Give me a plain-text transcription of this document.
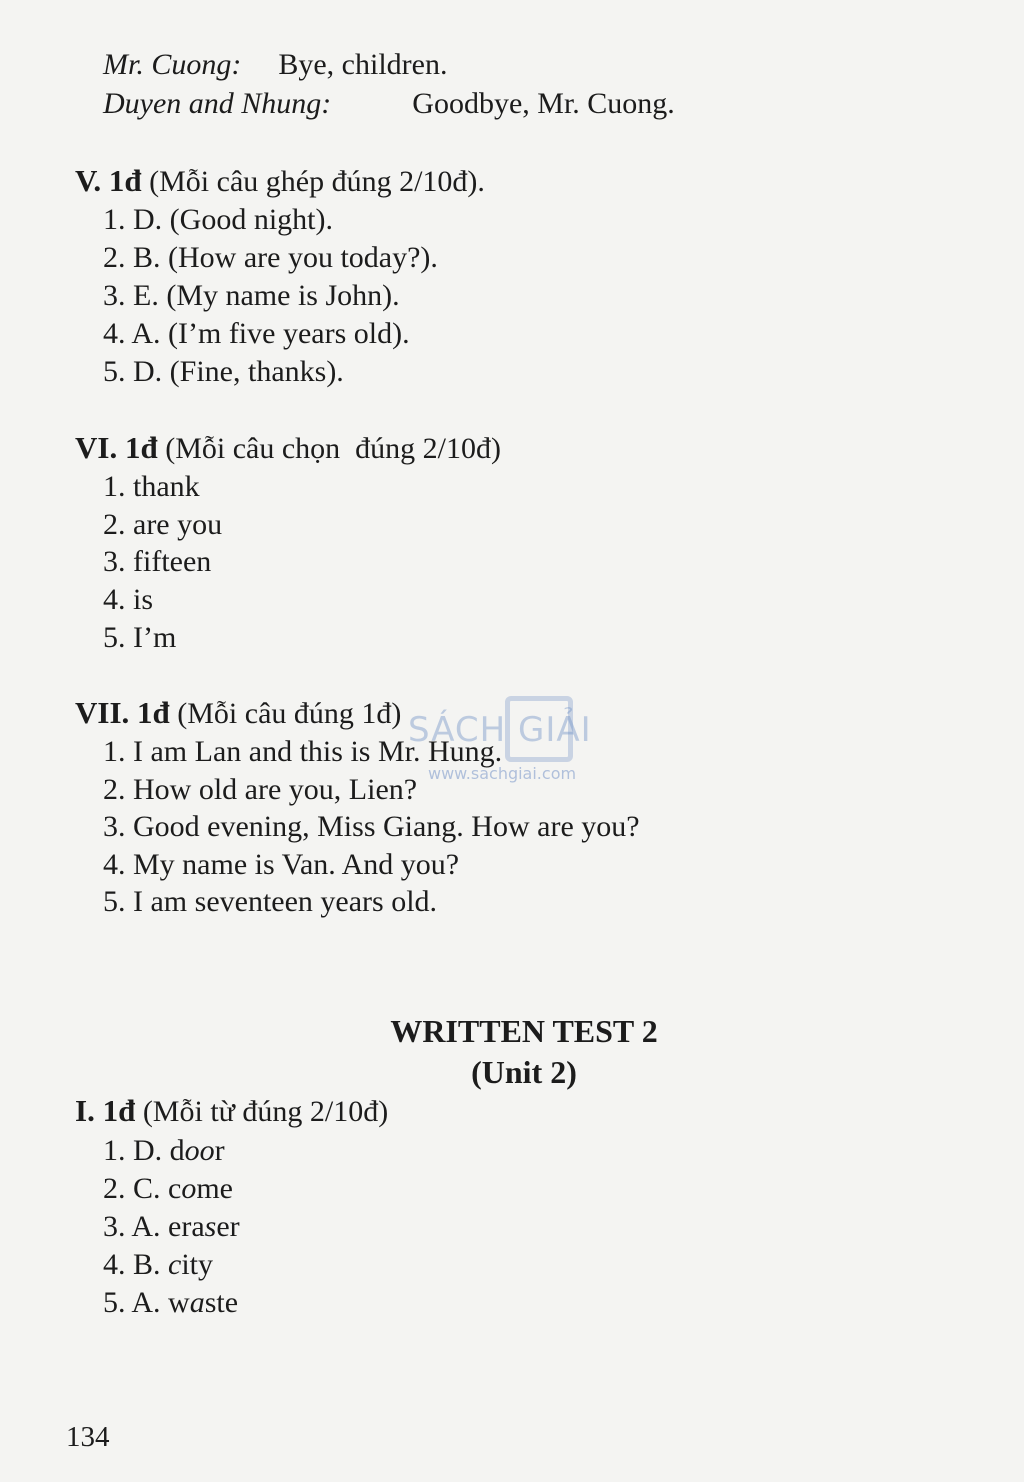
Mr. Cuong: Bye, children.
Duyen and Nhung:	Goodbye, Mr. Cuong.
V. 1đ (Mỗi câu ghép đúng 2/10đ).
1. D. (Good night).
2. B. (How are you today?).
3. E. (My name is John).
4. A. (I’m five years old).
5. D. (Fine, thanks).
VI. 1đ (Mỗi câu chọn  đúng 2/10đ)
1. thank
2. are you
3. fifteen
4. is
5. I’m
VII. 1đ (Mỗi câu đúng 1đ)
1. I am Lan and this is Mr. Hung.
2. How old are you, Lien?
3. Good evening, Miss Giang. How are you?
4. My name is Van. And you?
5. I am seventeen years old.
SÁCH GIẢI
www.sachgiai.com
WRITTEN TEST 2
(Unit 2)
I. 1đ (Mỗi từ đúng 2/10đ)
1. D. door
2. C. come
3. A. eraser
4. B. city
5. A. waste
134
